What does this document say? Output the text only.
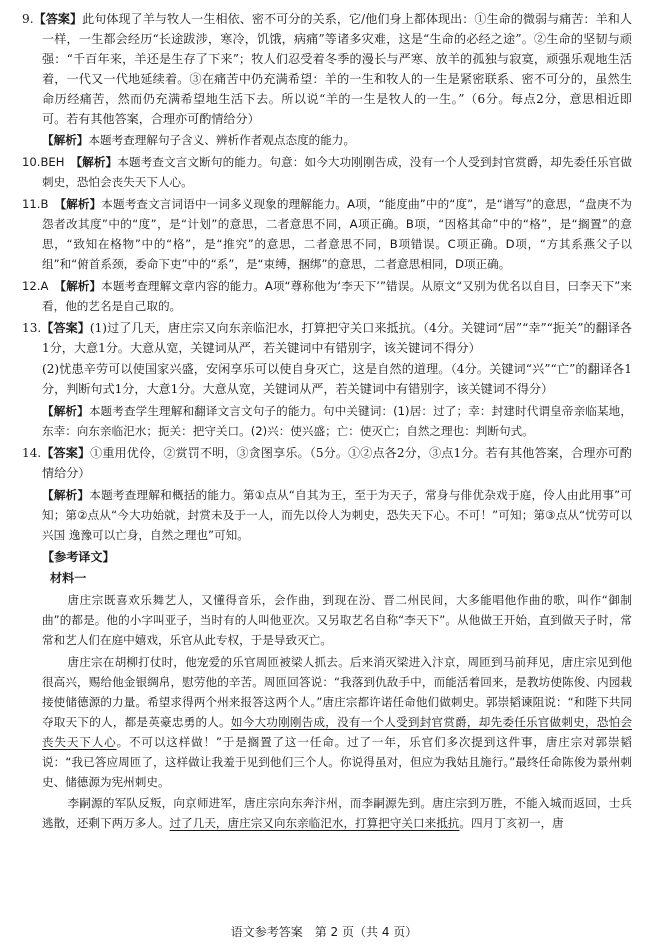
9.【答案】此句体现了羊与牧人一生相依、密不可分的关系，它/他们身上都体现出：①生命的微弱与痛苦：羊和人一样，一生都会经历“长途跋涉，寒冷，饥饿，病痛”等诸多灾难，这是“生命的必经之途”。②生命的坚韧与顽强：“千百年来，羊还是生存了下来”；牧人们忍受着冬季的漫长与严寒、放羊的孤独与寂寞，顽强乐观地生活着，一代又一代地延续着。③在痛苦中仍充满希望：羊的一生和牧人的一生是紧密联系、密不可分的，虽然生命历经痛苦，然而仍充满希望地生活下去。所以说“羊的一生是牧人的一生。”（6分。每点2分，意思相近即可。若有其他答案，合理亦可酌情给分）

【解析】本题考查理解句子含义、辨析作者观点态度的能力。

10.BEH　 【解析】本题考查文言文断句的能力。句意：如今大功刚刚告成，没有一个人受到封官赏爵，却先委任乐官做刺史，恐怕会丧失天下人心。

11.B　 【解析】本题考查文言词语中一词多义现象的理解能力。A项，“能度曲”中的“度”，是“谱写”的意思，“盘庚不为怨者改其度”中的“度”，是“计划”的意思，二者意思不同，A项正确。B项，“因格其命”中的“格”，是“搁置”的意思，“致知在格物”中的“格”，是“推究”的意思，二者意思不同，B项错误。C项正确。D项，“方其系燕父子以组”和“俯首系颈，委命下吏”中的“系”，是“束缚，捆绑”的意思，二者意思相同，D项正确。

12.A　 【解析】本题考查理解文章内容的能力。A项“尊称他为‘李天下’”错误。从原文“又别为优名以自目，曰李天下”来看，他的艺名是自己取的。

13.【答案】(1)过了几天，唐庄宗又向东亲临汜水，打算把守关口来抵抗。（4分。关键词“居”“幸”“扼关”的翻译各1分，大意1分。大意从宽，关键词从严，若关键词中有错别字，该关键词不得分）

(2)忧患辛劳可以使国家兴盛，安闲享乐可以使自身灭亡，这是自然的道理。（4分。关键词“兴”“亡”的翻译各1分，判断句式1分，大意1分。大意从宽，关键词从严，若关键词中有错别字，该关键词不得分）

【解析】本题考查学生理解和翻译文言文句子的能力。句中关键词：(1)居：过了；幸：封建时代谓皇帝亲临某地，东幸：向东亲临汜水；扼关：把守关口。(2)兴：使兴盛；亡：使灭亡；自然之理也：判断句式。

14.【答案】①重用优伶，②赏罚不明，③贪图享乐。（5分。①②点各2分，③点1分。若有其他答案，合理亦可酌情给分）

【解析】本题考查理解和概括的能力。第①点从“自其为王，至于为天子，常身与俳优杂戏于庭，伶人由此用事”可知；第②点从“今大功始就，封赏未及于一人，而先以伶人为刺史，恐失天下心。不可！”可知；第③点从“忧劳可以兴国 逸豫可以亡身，自然之理也”可知。

【参考译文】

材料一

唐庄宗既喜欢乐舞艺人，又懂得音乐，会作曲，到现在汾、晋二州民间，大多能唱他作曲的歌，叫作“御制曲”的都是。他的小字叫亚子，当时有的人叫他亚次。又另取艺名自称“李天下”。从他做王开始，直到做天子时，常常和艺人们在庭中嬉戏，乐官从此专权，于是导致灭亡。

唐庄宗在胡柳打仗时，他宠爱的乐官周匝被梁人抓去。后来消灭梁进入汴京，周匝到马前拜见，唐庄宗见到他很高兴，赐给他金银绸帛，慰劳他的辛苦。周匝回答说：“我落到仇敌手中，而能活着回来，是教坊使陈俊、内园栽接使储德源的力量。希望求得两个州来报答这两个人。”唐庄宗都许诺任命他们做刺史。郭崇韬谏阻说：“和陛下共同夺取天下的人，都是英豪忠勇的人。如今大功刚刚告成，没有一个人受到封官赏爵，却先委任乐官做刺史，恐怕会丧失天下人心。不可以这样做！”于是搁置了这一任命。过了一年，乐官们多次提到这件事，唐庄宗对郭崇韬说：“我已答应周匝了，这样做让我羞于见到他们三个人。你说得虽对，但应为我姑且施行。”最终任命陈俊为景州刺史、储德源为宪州刺史。

李嗣源的军队反叛，向京师进军，唐庄宗向东奔汴州，而李嗣源先到。唐庄宗到万胜，不能入城而返回，士兵逃散，还剩下两万多人。过了几天，唐庄宗又向东亲临汜水，打算把守关口来抵抗。四月丁亥初一，唐

语文参考答案　第 2 页（共 4 页）
